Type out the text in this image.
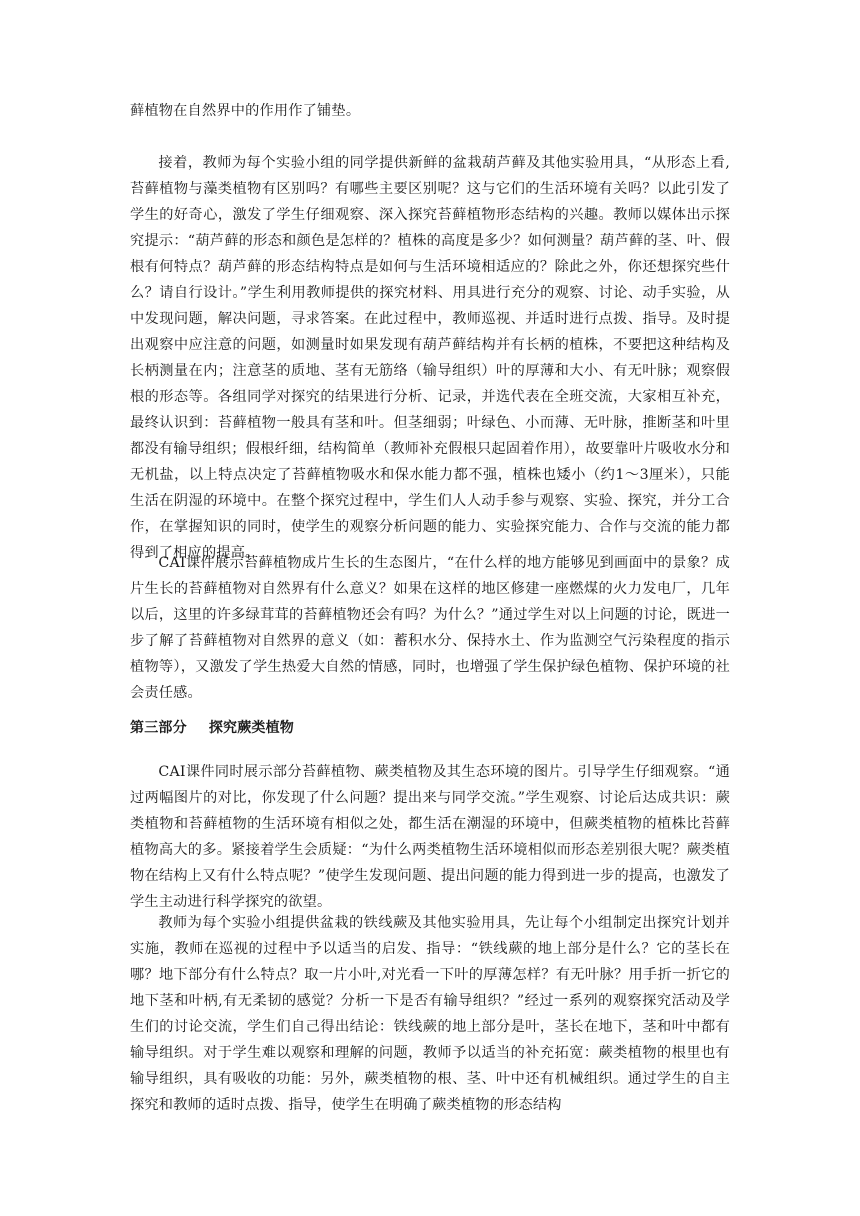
藓植物在自然界中的作用作了铺垫。

接着，教师为每个实验小组的同学提供新鲜的盆栽葫芦藓及其他实验用具，“从形态上看,苔藓植物与藻类植物有区别吗？有哪些主要区别呢？这与它们的生活环境有关吗？以此引发了学生的好奇心，激发了学生仔细观察、深入探究苔藓植物形态结构的兴趣。教师以媒体出示探究提示：“葫芦藓的形态和颜色是怎样的？植株的高度是多少？如何测量？葫芦藓的茎、叶、假根有何特点？葫芦藓的形态结构特点是如何与生活环境相适应的？除此之外，你还想探究些什么？请自行设计。”学生利用教师提供的探究材料、用具进行充分的观察、讨论、动手实验，从中发现问题，解决问题，寻求答案。在此过程中，教师巡视、并适时进行点拨、指导。及时提出观察中应注意的问题，如测量时如果发现有葫芦藓结构并有长柄的植株，不要把这种结构及长柄测量在内；注意茎的质地、茎有无筋络（输导组织）叶的厚薄和大小、有无叶脉；观察假根的形态等。各组同学对探究的结果进行分析、记录，并选代表在全班交流，大家相互补充，最终认识到：苔藓植物一般具有茎和叶。但茎细弱；叶绿色、小而薄、无叶脉，推断茎和叶里都没有输导组织；假根纤细，结构简单（教师补充假根只起固着作用），故要靠叶片吸收水分和无机盐，以上特点决定了苔藓植物吸水和保水能力都不强，植株也矮小（约1～3厘米），只能生活在阴湿的环境中。在整个探究过程中，学生们人人动手参与观察、实验、探究，并分工合作，在掌握知识的同时，使学生的观察分析问题的能力、实验探究能力、合作与交流的能力都得到了相应的提高。

CAI课件展示苔藓植物成片生长的生态图片，“在什么样的地方能够见到画面中的景象？成片生长的苔藓植物对自然界有什么意义？如果在这样的地区修建一座燃煤的火力发电厂，几年以后，这里的许多绿茸茸的苔藓植物还会有吗？为什么？”通过学生对以上问题的讨论，既进一步了解了苔藓植物对自然界的意义（如：蓄积水分、保持水土、作为监测空气污染程度的指示植物等），又激发了学生热爱大自然的情感，同时，也增强了学生保护绿色植物、保护环境的社会责任感。

第三部分 探究蕨类植物

CAI课件同时展示部分苔藓植物、蕨类植物及其生态环境的图片。引导学生仔细观察。“通过两幅图片的对比，你发现了什么问题？提出来与同学交流。”学生观察、讨论后达成共识：蕨类植物和苔藓植物的生活环境有相似之处，都生活在潮湿的环境中，但蕨类植物的植株比苔藓植物高大的多。紧接着学生会质疑：“为什么两类植物生活环境相似而形态差别很大呢？蕨类植物在结构上又有什么特点呢？”使学生发现问题、提出问题的能力得到进一步的提高，也激发了学生主动进行科学探究的欲望。

教师为每个实验小组提供盆栽的铁线蕨及其他实验用具，先让每个小组制定出探究计划并实施，教师在巡视的过程中予以适当的启发、指导：“铁线蕨的地上部分是什么？它的茎长在哪？地下部分有什么特点？取一片小叶,对光看一下叶的厚薄怎样？有无叶脉？用手折一折它的地下茎和叶柄,有无柔韧的感觉？分析一下是否有输导组织？”经过一系列的观察探究活动及学生们的讨论交流，学生们自己得出结论：铁线蕨的地上部分是叶，茎长在地下，茎和叶中都有输导组织。对于学生难以观察和理解的问题，教师予以适当的补充拓宽：蕨类植物的根里也有输导组织，具有吸收的功能：另外，蕨类植物的根、茎、叶中还有机械组织。通过学生的自主探究和教师的适时点拨、指导，使学生在明确了蕨类植物的形态结构
